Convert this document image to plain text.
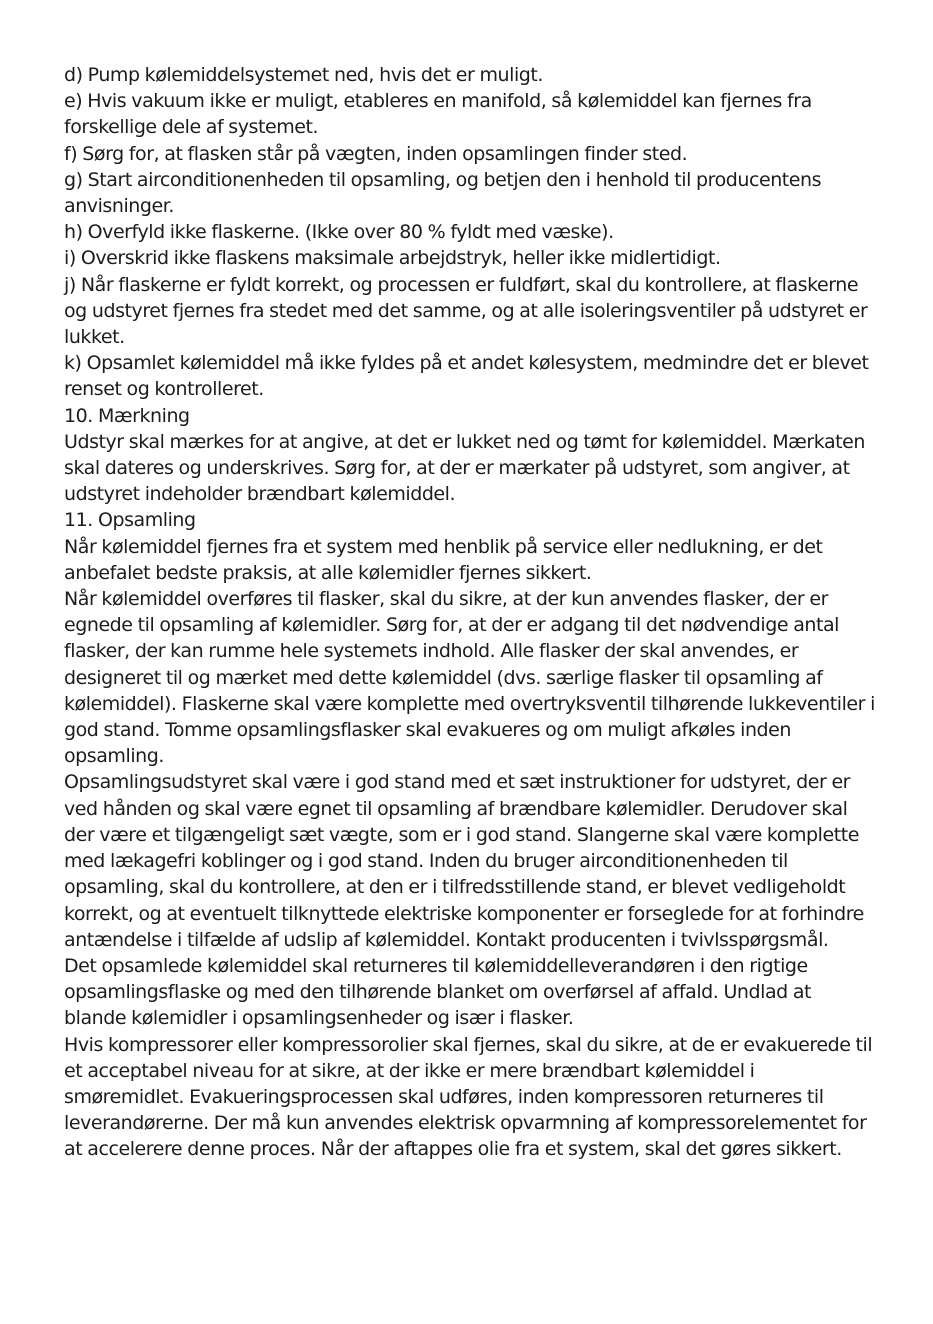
d) Pump kølemiddelsystemet ned, hvis det er muligt.

e) Hvis vakuum ikke er muligt, etableres en manifold, så kølemiddel kan fjernes fra forskellige dele af systemet.

f) Sørg for, at flasken står på vægten, inden opsamlingen finder sted.

g) Start airconditionenheden til opsamling, og betjen den i henhold til producentens anvisninger.

h) Overfyld ikke flaskerne. (Ikke over 80 % fyldt med væske).

i) Overskrid ikke flaskens maksimale arbejdstryk, heller ikke midlertidigt.

j) Når flaskerne er fyldt korrekt, og processen er fuldført, skal du kontrollere, at flaskerne og udstyret fjernes fra stedet med det samme, og at alle isoleringsventiler på udstyret er lukket.

k) Opsamlet kølemiddel må ikke fyldes på et andet kølesystem, medmindre det er blevet renset og kontrolleret.

10. Mærkning

Udstyr skal mærkes for at angive, at det er lukket ned og tømt for kølemiddel. Mærkaten skal dateres og underskrives. Sørg for, at der er mærkater på udstyret, som angiver, at udstyret indeholder brændbart kølemiddel.

11. Opsamling

Når kølemiddel fjernes fra et system med henblik på service eller nedlukning, er det anbefalet bedste praksis, at alle kølemidler fjernes sikkert.

Når kølemiddel overføres til flasker, skal du sikre, at der kun anvendes flasker, der er egnede til opsamling af kølemidler. Sørg for, at der er adgang til det nødvendige antal flasker, der kan rumme hele systemets indhold. Alle flasker der skal anvendes, er designeret til og mærket med dette kølemiddel (dvs. særlige flasker til opsamling af kølemiddel). Flaskerne skal være komplette med overtryksventil tilhørende lukkeventiler i god stand. Tomme opsamlingsflasker skal evakueres og om muligt afkøles inden opsamling.

Opsamlingsudstyret skal være i god stand med et sæt instruktioner for udstyret, der er ved hånden og skal være egnet til opsamling af brændbare kølemidler. Derudover skal der være et tilgængeligt sæt vægte, som er i god stand. Slangerne skal være komplette med lækagefri koblinger og i god stand. Inden du bruger airconditionenheden til opsamling, skal du kontrollere, at den er i tilfredsstillende stand, er blevet vedligeholdt korrekt, og at eventuelt tilknyttede elektriske komponenter er forseglede for at forhindre antændelse i tilfælde af udslip af kølemiddel. Kontakt producenten i tvivlsspørgsmål.

Det opsamlede kølemiddel skal returneres til kølemiddelleverandøren i den rigtige opsamlingsflaske og med den tilhørende blanket om overførsel af affald. Undlad at blande kølemidler i opsamlingsenheder og især i flasker.

Hvis kompressorer eller kompressorolier skal fjernes, skal du sikre, at de er evakuerede til et acceptabel niveau for at sikre, at der ikke er mere brændbart kølemiddel i smøremidlet. Evakueringsprocessen skal udføres, inden kompressoren returneres til leverandørerne. Der må kun anvendes elektrisk opvarmning af kompressorelementet for at accelerere denne proces. Når der aftappes olie fra et system, skal det gøres sikkert.
